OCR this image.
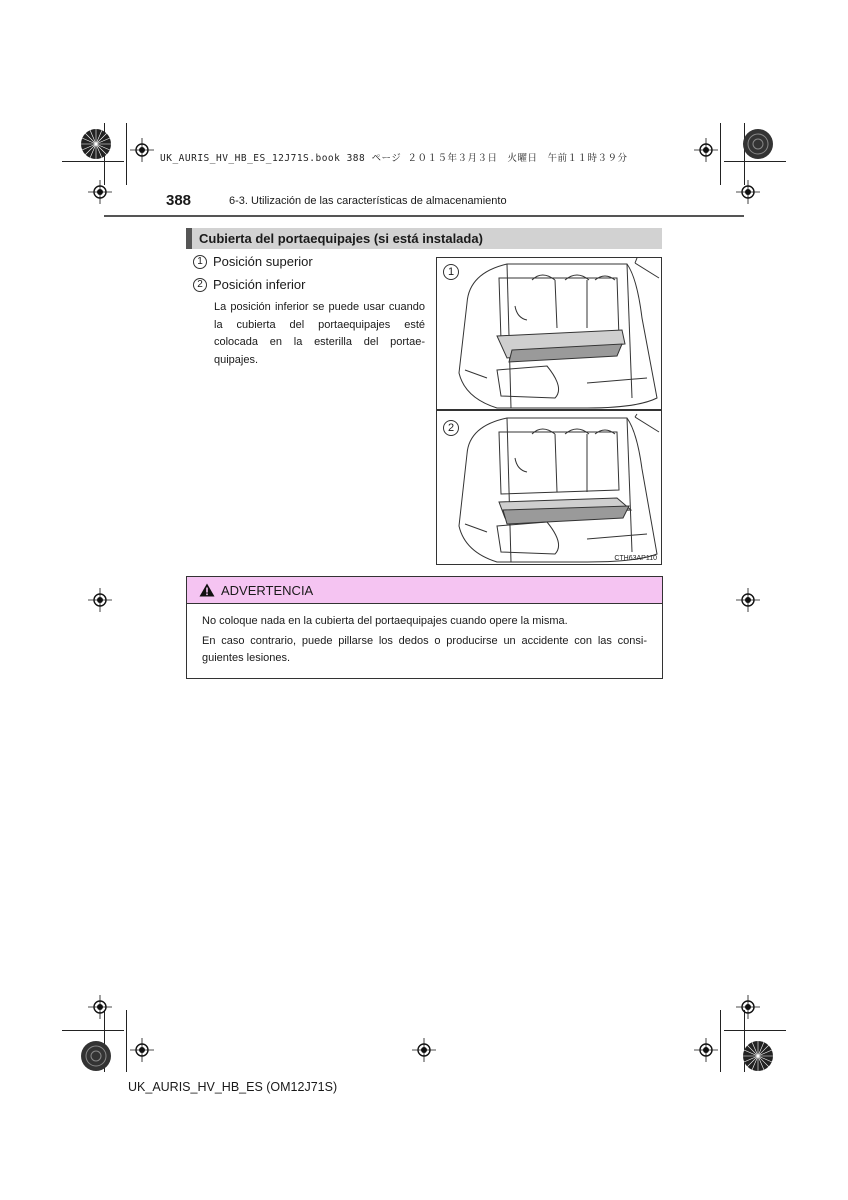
UK_AURIS_HV_HB_ES_12J71S.book 388 ページ ２０１５年３月３日　火曜日　午前１１時３９分
388	6-3. Utilización de las características de almacenamiento
Cubierta del portaequipajes (si está instalada)
1 Posición superior
2 Posición inferior
La posición inferior se puede usar cuando la cubierta del portaequipajes esté colocada en la esterilla del portae-quipajes.
1
2
CTH63AP110
ADVERTENCIA
No coloque nada en la cubierta del portaequipajes cuando opere la misma.
En caso contrario, puede pillarse los dedos o producirse un accidente con las consi-guientes lesiones.
UK_AURIS_HV_HB_ES (OM12J71S)
